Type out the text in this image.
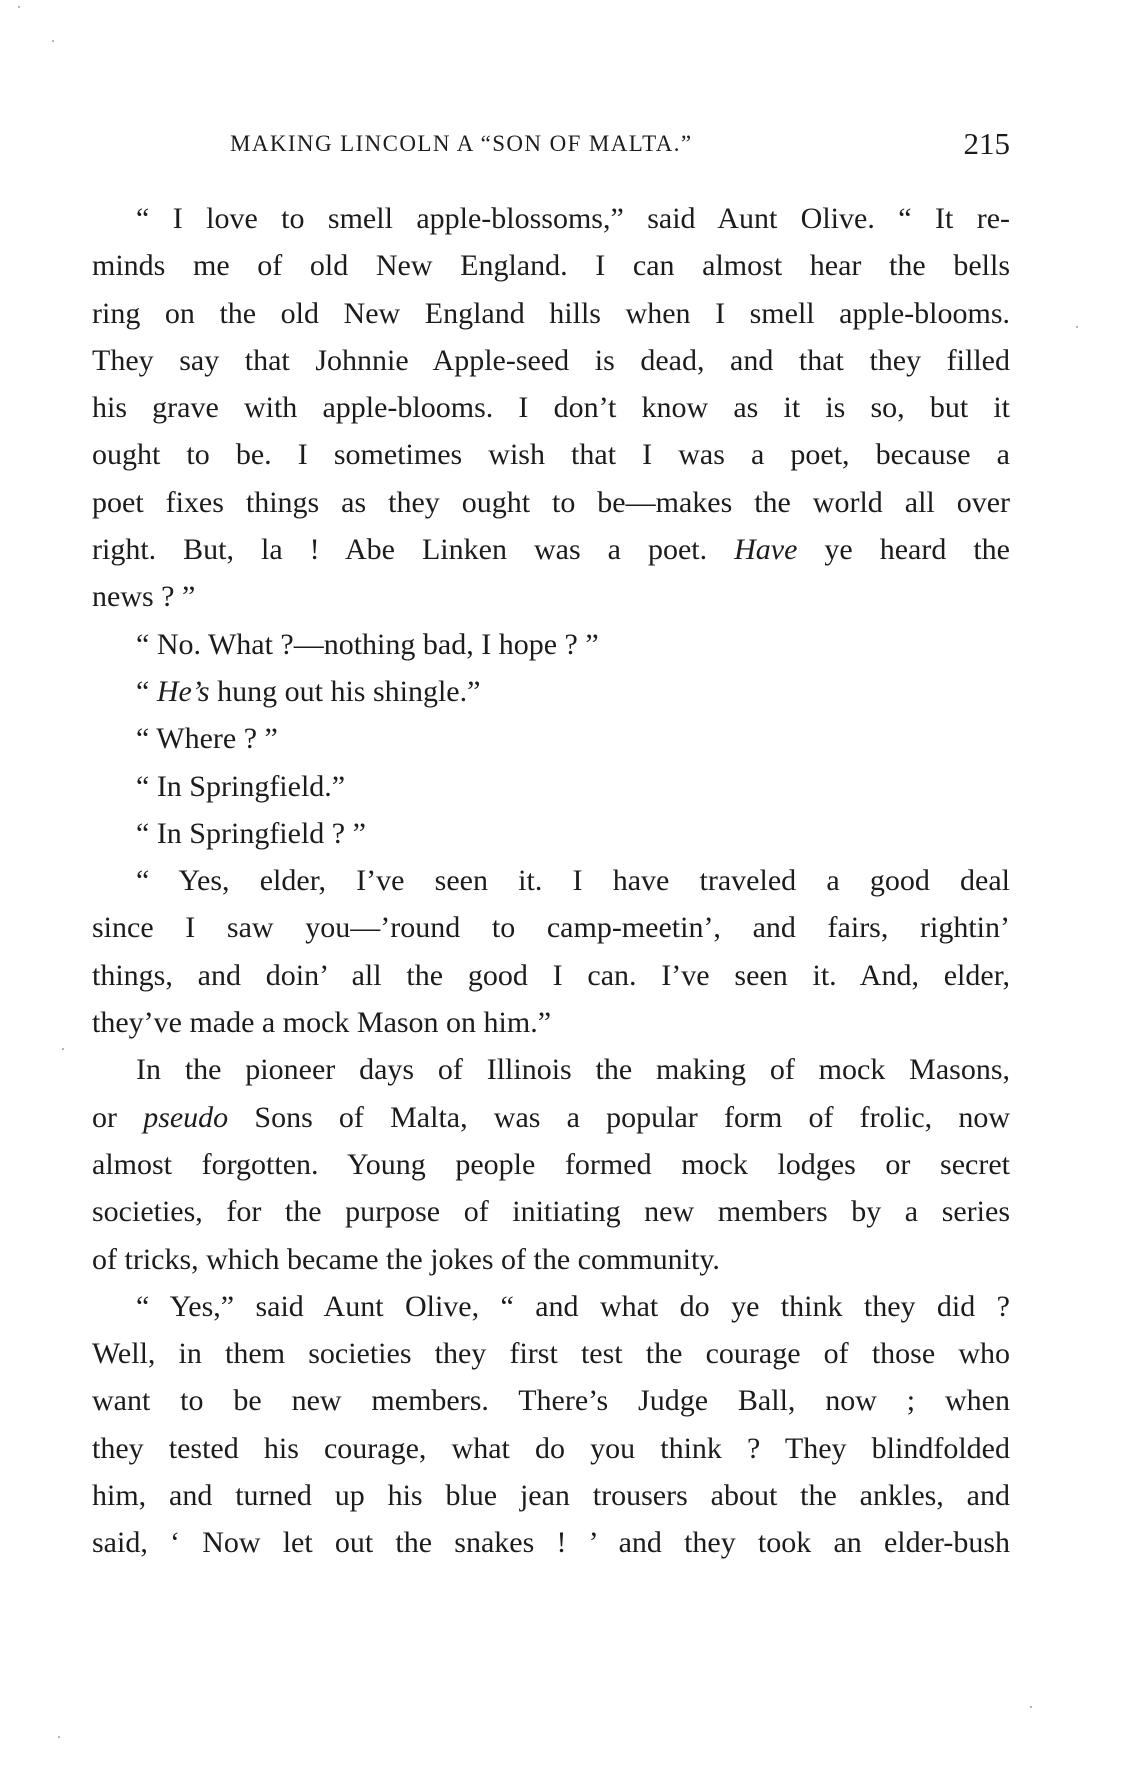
MAKING LINCOLN A “SON OF MALTA.”	215
“ I love to smell apple-blossoms,” said Aunt Olive. “ It re-
minds me of old New England. I can almost hear the bells
ring on the old New England hills when I smell apple-blooms.
They say that Johnnie Apple-seed is dead, and that they filled
his grave with apple-blooms. I don’t know as it is so, but it
ought to be. I sometimes wish that I was a poet, because a
poet fixes things as they ought to be—makes the world all over
right. But, la ! Abe Linken was a poet. Have ye heard the
news ? ”
“ No. What ?—nothing bad, I hope ? ”
“ He’s hung out his shingle.”
“ Where ? ”
“ In Springfield.”
“ In Springfield ? ”
“ Yes, elder, I’ve seen it. I have traveled a good deal
since I saw you—’round to camp-meetin’, and fairs, rightin’
things, and doin’ all the good I can. I’ve seen it. And, elder,
they’ve made a mock Mason on him.”
In the pioneer days of Illinois the making of mock Masons,
or pseudo Sons of Malta, was a popular form of frolic, now
almost forgotten. Young people formed mock lodges or secret
societies, for the purpose of initiating new members by a series
of tricks, which became the jokes of the community.
“ Yes,” said Aunt Olive, “ and what do ye think they did ?
Well, in them societies they first test the courage of those who
want to be new members. There’s Judge Ball, now ; when
they tested his courage, what do you think ? They blindfolded
him, and turned up his blue jean trousers about the ankles, and
said, ‘ Now let out the snakes ! ’ and they took an elder-bush
